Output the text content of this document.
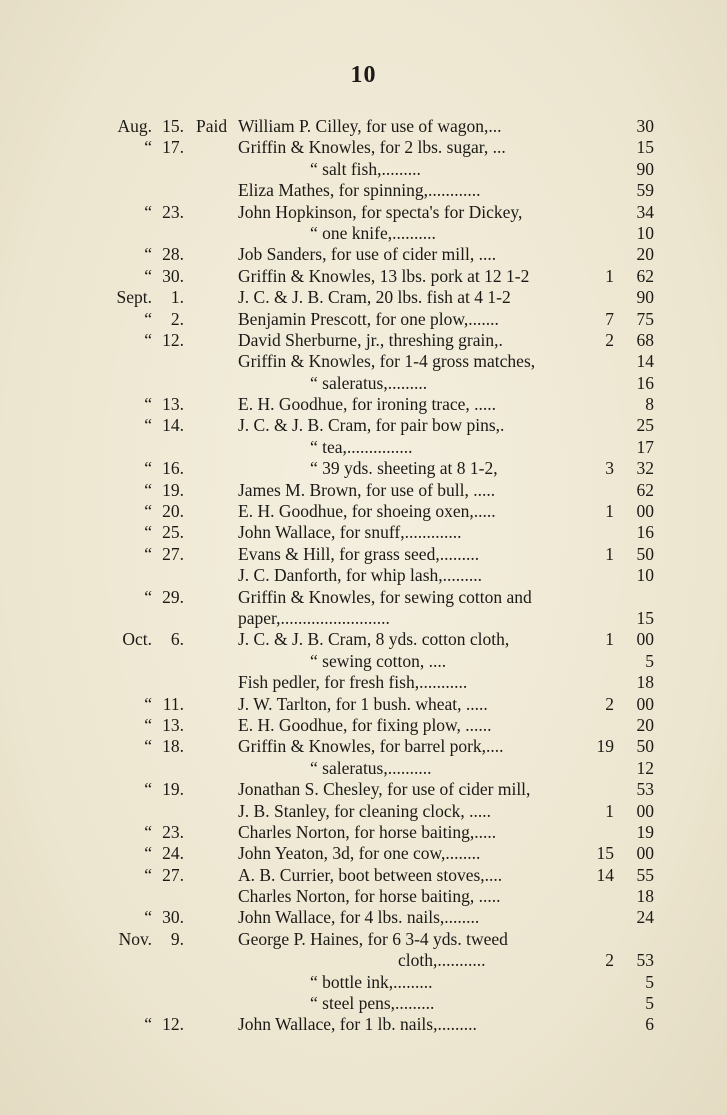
10
Aug. 15. Paid William P. Cilley, for use of wagon,...	30
“ 17.	Griffin & Knowles, for 2 lbs. sugar, ...	15
“ salt fish,.........	90
Eliza Mathes, for spinning,............	59
“ 23.	John Hopkinson, for specta's for Dickey,	34
“ one knife,..........	10
“ 28.	Job Sanders, for use of cider mill, ....	20
“ 30.	Griffin & Knowles, 13 lbs. pork at 12 1-2	1	62
Sept.	1.	J. C. & J. B. Cram, 20 lbs. fish at 4 1-2	90
“	2.	Benjamin Prescott, for one plow,.......	7	75
“ 12.	David Sherburne, jr., threshing grain,.	2	68
Griffin & Knowles, for 1-4 gross matches,	14
“ saleratus,.........	16
“ 13.	E. H. Goodhue, for ironing trace, .....	8
“ 14.	J. C. & J. B. Cram, for pair bow pins,.	25
“ tea,...............	17
“ 16.	“ 39 yds. sheeting at 8 1-2,	3	32
“ 19.	James M. Brown, for use of bull, .....	62
“ 20.	E. H. Goodhue, for shoeing oxen,.....	1	00
“ 25.	John Wallace, for snuff,.............	16
“ 27.	Evans & Hill, for grass seed,.........	1	50
J. C. Danforth, for whip lash,.........	10
“ 29.	Griffin & Knowles, for sewing cotton and
paper,.........................	15
Oct.	6.	J. C. & J. B. Cram, 8 yds. cotton cloth,	1	00
“ sewing cotton, ....	5
Fish pedler, for fresh fish,...........	18
“ 11.	J. W. Tarlton, for 1 bush. wheat, .....	2	00
“ 13.	E. H. Goodhue, for fixing plow, ......	20
“ 18.	Griffin & Knowles, for barrel pork,....	19	50
“ saleratus,..........	12
“ 19.	Jonathan S. Chesley, for use of cider mill,	53
J. B. Stanley, for cleaning clock, .....	1	00
“ 23.	Charles Norton, for horse baiting,.....	19
“ 24.	John Yeaton, 3d, for one cow,........	15	00
“ 27.	A. B. Currier, boot between stoves,....	14	55
Charles Norton, for horse baiting, .....	18
“ 30.	John Wallace, for 4 lbs. nails,........	24
Nov.	9.	George P. Haines, for 6 3-4 yds. tweed
cloth,...........	2	53
“ bottle ink,.........	5
“ steel pens,.........	5
“ 12.	John Wallace, for 1 lb. nails,.........	6
